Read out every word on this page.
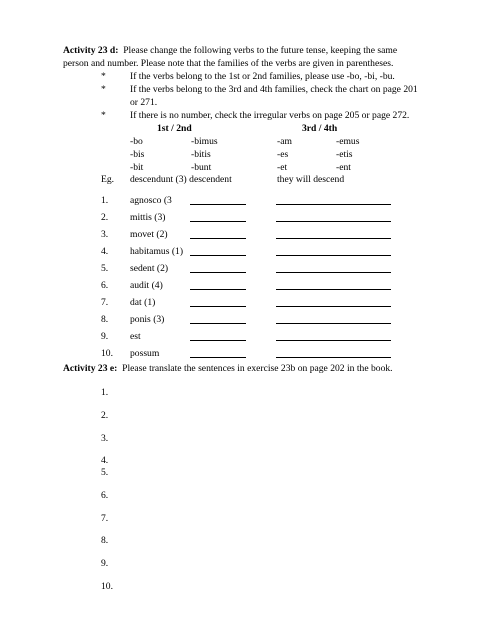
Activity 23 d: Please change the following verbs to the future tense, keeping the same
person and number. Please note that the families of the verbs are given in parentheses.
*	If the verbs belong to the 1st or 2nd families, please use -bo, -bi, -bu.
*	If the verbs belong to the 3rd and 4th families, check the chart on page 201
or 271.
*	If there is no number, check the irregular verbs on page 205 or page 272.
1st / 2nd	3rd / 4th
-bo	-bimus	-am	-emus
-bis	-bitis	-es	-etis
-bit	-bunt	-et	-ent
Eg. descendunt (3) descendent	they will descend
1. agnosco (3
2. mittis (3)
3. movet (2)
4. habitamus (1)
5. sedent (2)
6. audit (4)
7. dat (1)
8. ponis (3)
9. est
10. possum
Activity 23 e: Please translate the sentences in exercise 23b on page 202 in the book.
1.
2.
3.
4.
5.
6.
7.
8.
9.
10.
